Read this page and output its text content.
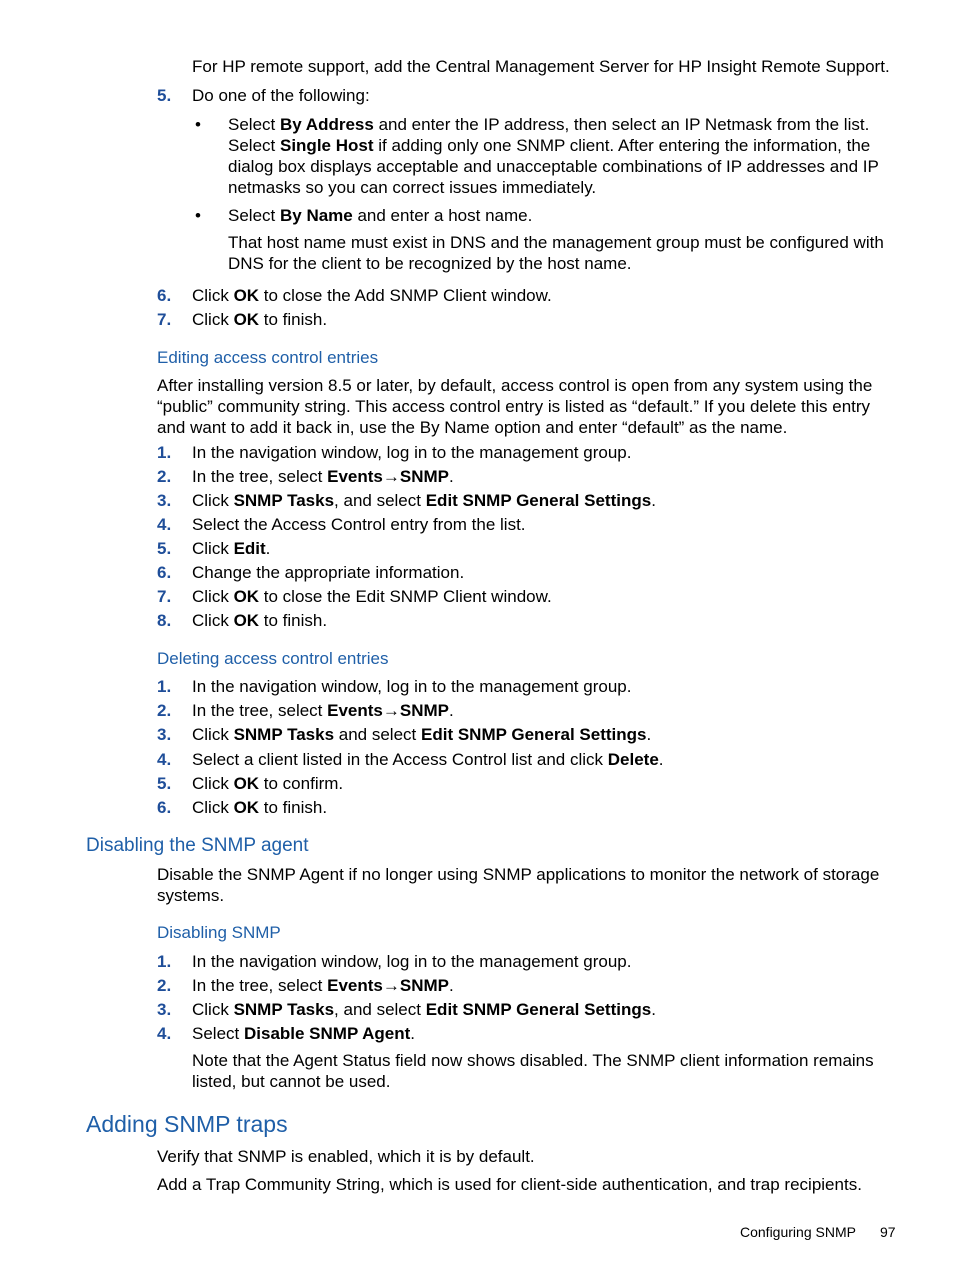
For HP remote support, add the Central Management Server for HP Insight Remote Support.
5. Do one of the following:
• Select By Address and enter the IP address, then select an IP Netmask from the list. Select Single Host if adding only one SNMP client. After entering the information, the dialog box displays acceptable and unacceptable combinations of IP addresses and IP netmasks so you can correct issues immediately.
• Select By Name and enter a host name.
That host name must exist in DNS and the management group must be configured with DNS for the client to be recognized by the host name.
6. Click OK to close the Add SNMP Client window.
7. Click OK to finish.
Editing access control entries
After installing version 8.5 or later, by default, access control is open from any system using the “public” community string. This access control entry is listed as “default.” If you delete this entry and want to add it back in, use the By Name option and enter “default” as the name.
1. In the navigation window, log in to the management group.
2. In the tree, select Events→SNMP.
3. Click SNMP Tasks, and select Edit SNMP General Settings.
4. Select the Access Control entry from the list.
5. Click Edit.
6. Change the appropriate information.
7. Click OK to close the Edit SNMP Client window.
8. Click OK to finish.
Deleting access control entries
1. In the navigation window, log in to the management group.
2. In the tree, select Events→SNMP.
3. Click SNMP Tasks and select Edit SNMP General Settings.
4. Select a client listed in the Access Control list and click Delete.
5. Click OK to confirm.
6. Click OK to finish.
Disabling the SNMP agent
Disable the SNMP Agent if no longer using SNMP applications to monitor the network of storage systems.
Disabling SNMP
1. In the navigation window, log in to the management group.
2. In the tree, select Events→SNMP.
3. Click SNMP Tasks, and select Edit SNMP General Settings.
4. Select Disable SNMP Agent.
Note that the Agent Status field now shows disabled. The SNMP client information remains listed, but cannot be used.
Adding SNMP traps
Verify that SNMP is enabled, which it is by default.
Add a Trap Community String, which is used for client-side authentication, and trap recipients.
Configuring SNMP 97
